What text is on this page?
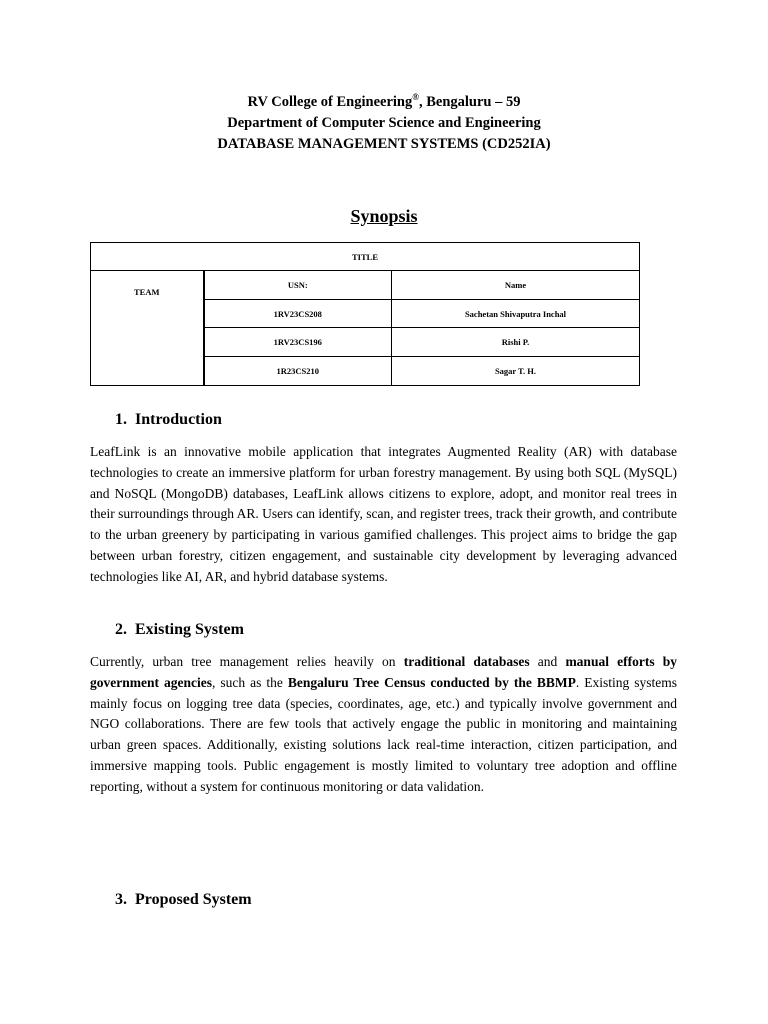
RV College of Engineering®, Bengaluru – 59
Department of Computer Science and Engineering
DATABASE MANAGEMENT SYSTEMS (CD252IA)
Synopsis
TITLE		
TEAM	USN:	Name
	1RV23CS208	Sachetan Shivaputra Inchal
	1RV23CS196	Rishi P.
	1R23CS210	Sagar T. H.
1. Introduction

LeafLink is an innovative mobile application that integrates Augmented Reality (AR) with database technologies to create an immersive platform for urban forestry management. By using both SQL (MySQL) and NoSQL (MongoDB) databases, LeafLink allows citizens to explore, adopt, and monitor real trees in their surroundings through AR. Users can identify, scan, and register trees, track their growth, and contribute to the urban greenery by participating in various gamified challenges. This project aims to bridge the gap between urban forestry, citizen engagement, and sustainable city development by leveraging advanced technologies like AI, AR, and hybrid database systems.

2. Existing System

Currently, urban tree management relies heavily on traditional databases and manual efforts by government agencies, such as the Bengaluru Tree Census conducted by the BBMP. Existing systems mainly focus on logging tree data (species, coordinates, age, etc.) and typically involve government and NGO collaborations. There are few tools that actively engage the public in monitoring and maintaining urban green spaces. Additionally, existing solutions lack real-time interaction, citizen participation, and immersive mapping tools. Public engagement is mostly limited to voluntary tree adoption and offline reporting, without a system for continuous monitoring or data validation.

3. Proposed System
